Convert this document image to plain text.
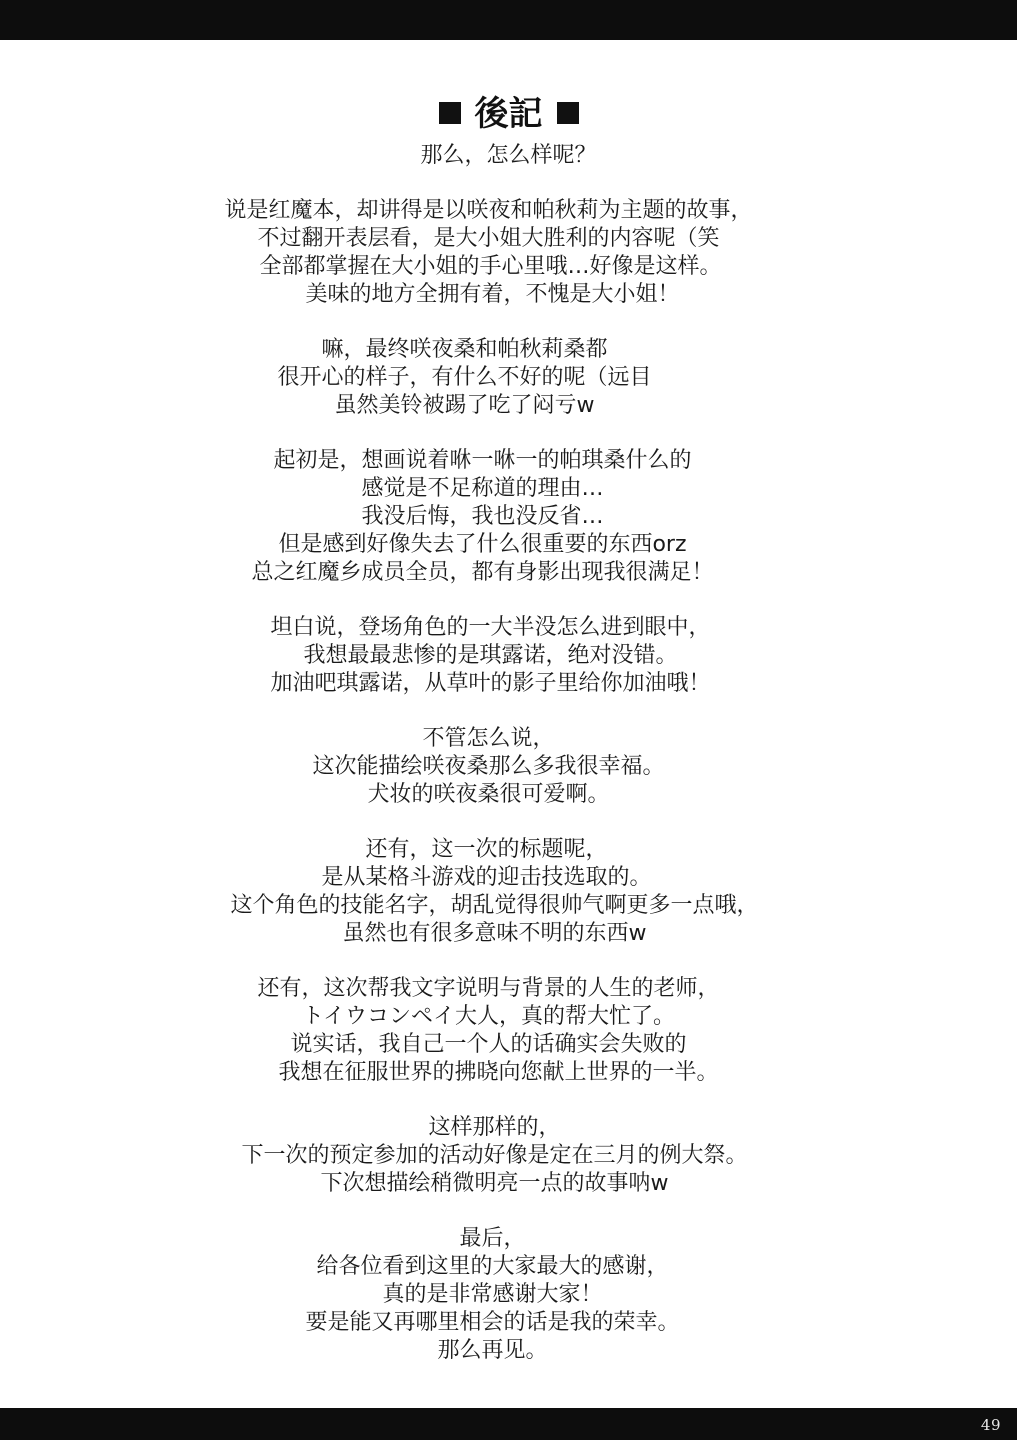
後記
那么，怎么样呢？
说是红魔本，却讲得是以咲夜和帕秋莉为主题的故事，
不过翻开表层看，是大小姐大胜利的内容呢（笑
全部都掌握在大小姐的手心里哦…好像是这样。
美味的地方全拥有着，不愧是大小姐！
嘛，最终咲夜桑和帕秋莉桑都
很开心的样子，有什么不好的呢（远目
虽然美铃被踢了吃了闷亏w
起初是，想画说着咻一咻一的帕琪桑什么的
感觉是不足称道的理由…
我没后悔，我也没反省…
但是感到好像失去了什么很重要的东西orz
总之红魔乡成员全员，都有身影出现我很满足！
坦白说，登场角色的一大半没怎么进到眼中，
我想最最悲惨的是琪露诺，绝对没错。
加油吧琪露诺，从草叶的影子里给你加油哦！
不管怎么说，
这次能描绘咲夜桑那么多我很幸福。
犬妆的咲夜桑很可爱啊。
还有，这一次的标题呢，
是从某格斗游戏的迎击技选取的。
这个角色的技能名字，胡乱觉得很帅气啊更多一点哦，
虽然也有很多意味不明的东西w
还有，这次帮我文字说明与背景的人生的老师，
トイウコンペイ大人，真的帮大忙了。
说实话，我自己一个人的话确实会失败的
我想在征服世界的拂晓向您献上世界的一半。
这样那样的，
下一次的预定参加的活动好像是定在三月的例大祭。
下次想描绘稍微明亮一点的故事呐w
最后，
给各位看到这里的大家最大的感谢，
真的是非常感谢大家！
要是能又再哪里相会的话是我的荣幸。
那么再见。
49
